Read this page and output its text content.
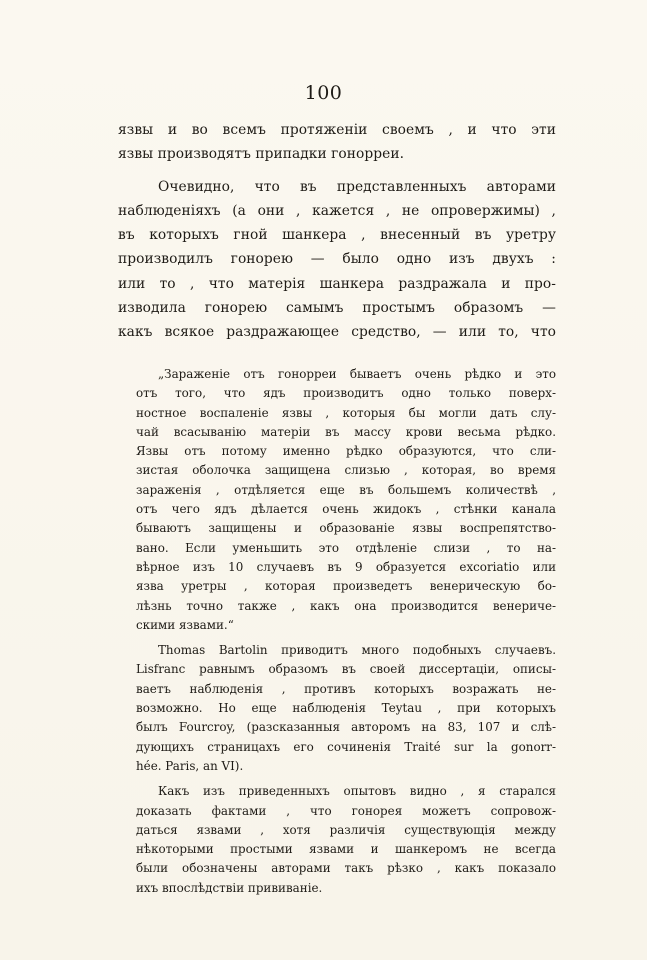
100
язвы и во всемъ протяженіи своемъ , и что эти
язвы производятъ припадки гонорреи.
Очевидно, что въ представленныхъ авторами
наблюденіяхъ (а они , кажется , не опровержимы) ,
въ которыхъ гной шанкера , внесенный въ уретру
производилъ гонорею — было одно изъ двухъ :
или то , что матерія шанкера раздражала и про-
изводила гонорею самымъ простымъ образомъ —
какъ всякое раздражающее средство, — или то, что
„Зараженіе отъ гонорреи бываетъ очень рѣдко и это
отъ того, что ядъ производитъ одно только поверх-
ностное воспаленіе язвы , которыя бы могли дать слу-
чай всасыванію матеріи въ массу крови весьма рѣдко.
Язвы отъ потому именно рѣдко образуются, что сли-
зистая оболочка защищена слизью , которая, во время
зараженія , отдѣляется еще въ большемъ количествѣ ,
отъ чего ядъ дѣлается очень жидокъ , стѣнки канала
бываютъ защищены и образованіе язвы воспрепятство-
вано. Если уменьшить это отдѣленіе слизи , то на-
вѣрное изъ 10 случаевъ въ 9 образуется excoriatio или
язва уретры , которая произведетъ венерическую бо-
лѣзнь точно также , какъ она производится венериче-
скими язвами.“
Thomas Bartolin приводитъ много подобныхъ случаевъ.
Lisfranc равнымъ образомъ въ своей диссертаціи, описы-
ваетъ наблюденія , противъ которыхъ возражать не-
возможно. Но еще наблюденія Teytau , при которыхъ
былъ Fourcroy, (разсказанныя авторомъ на 83, 107 и слѣ-
дующихъ страницахъ его сочиненія Traité sur la gonorr-
hée. Paris, an VI).
Какъ изъ приведенныхъ опытовъ видно , я старался
доказать фактами , что гонорея можетъ сопровож-
даться язвами , хотя различія существующія между
нѣкоторыми простыми язвами и шанкеромъ не всегда
были обозначены авторами такъ рѣзко , какъ показало
ихъ впослѣдствіи прививаніе.
